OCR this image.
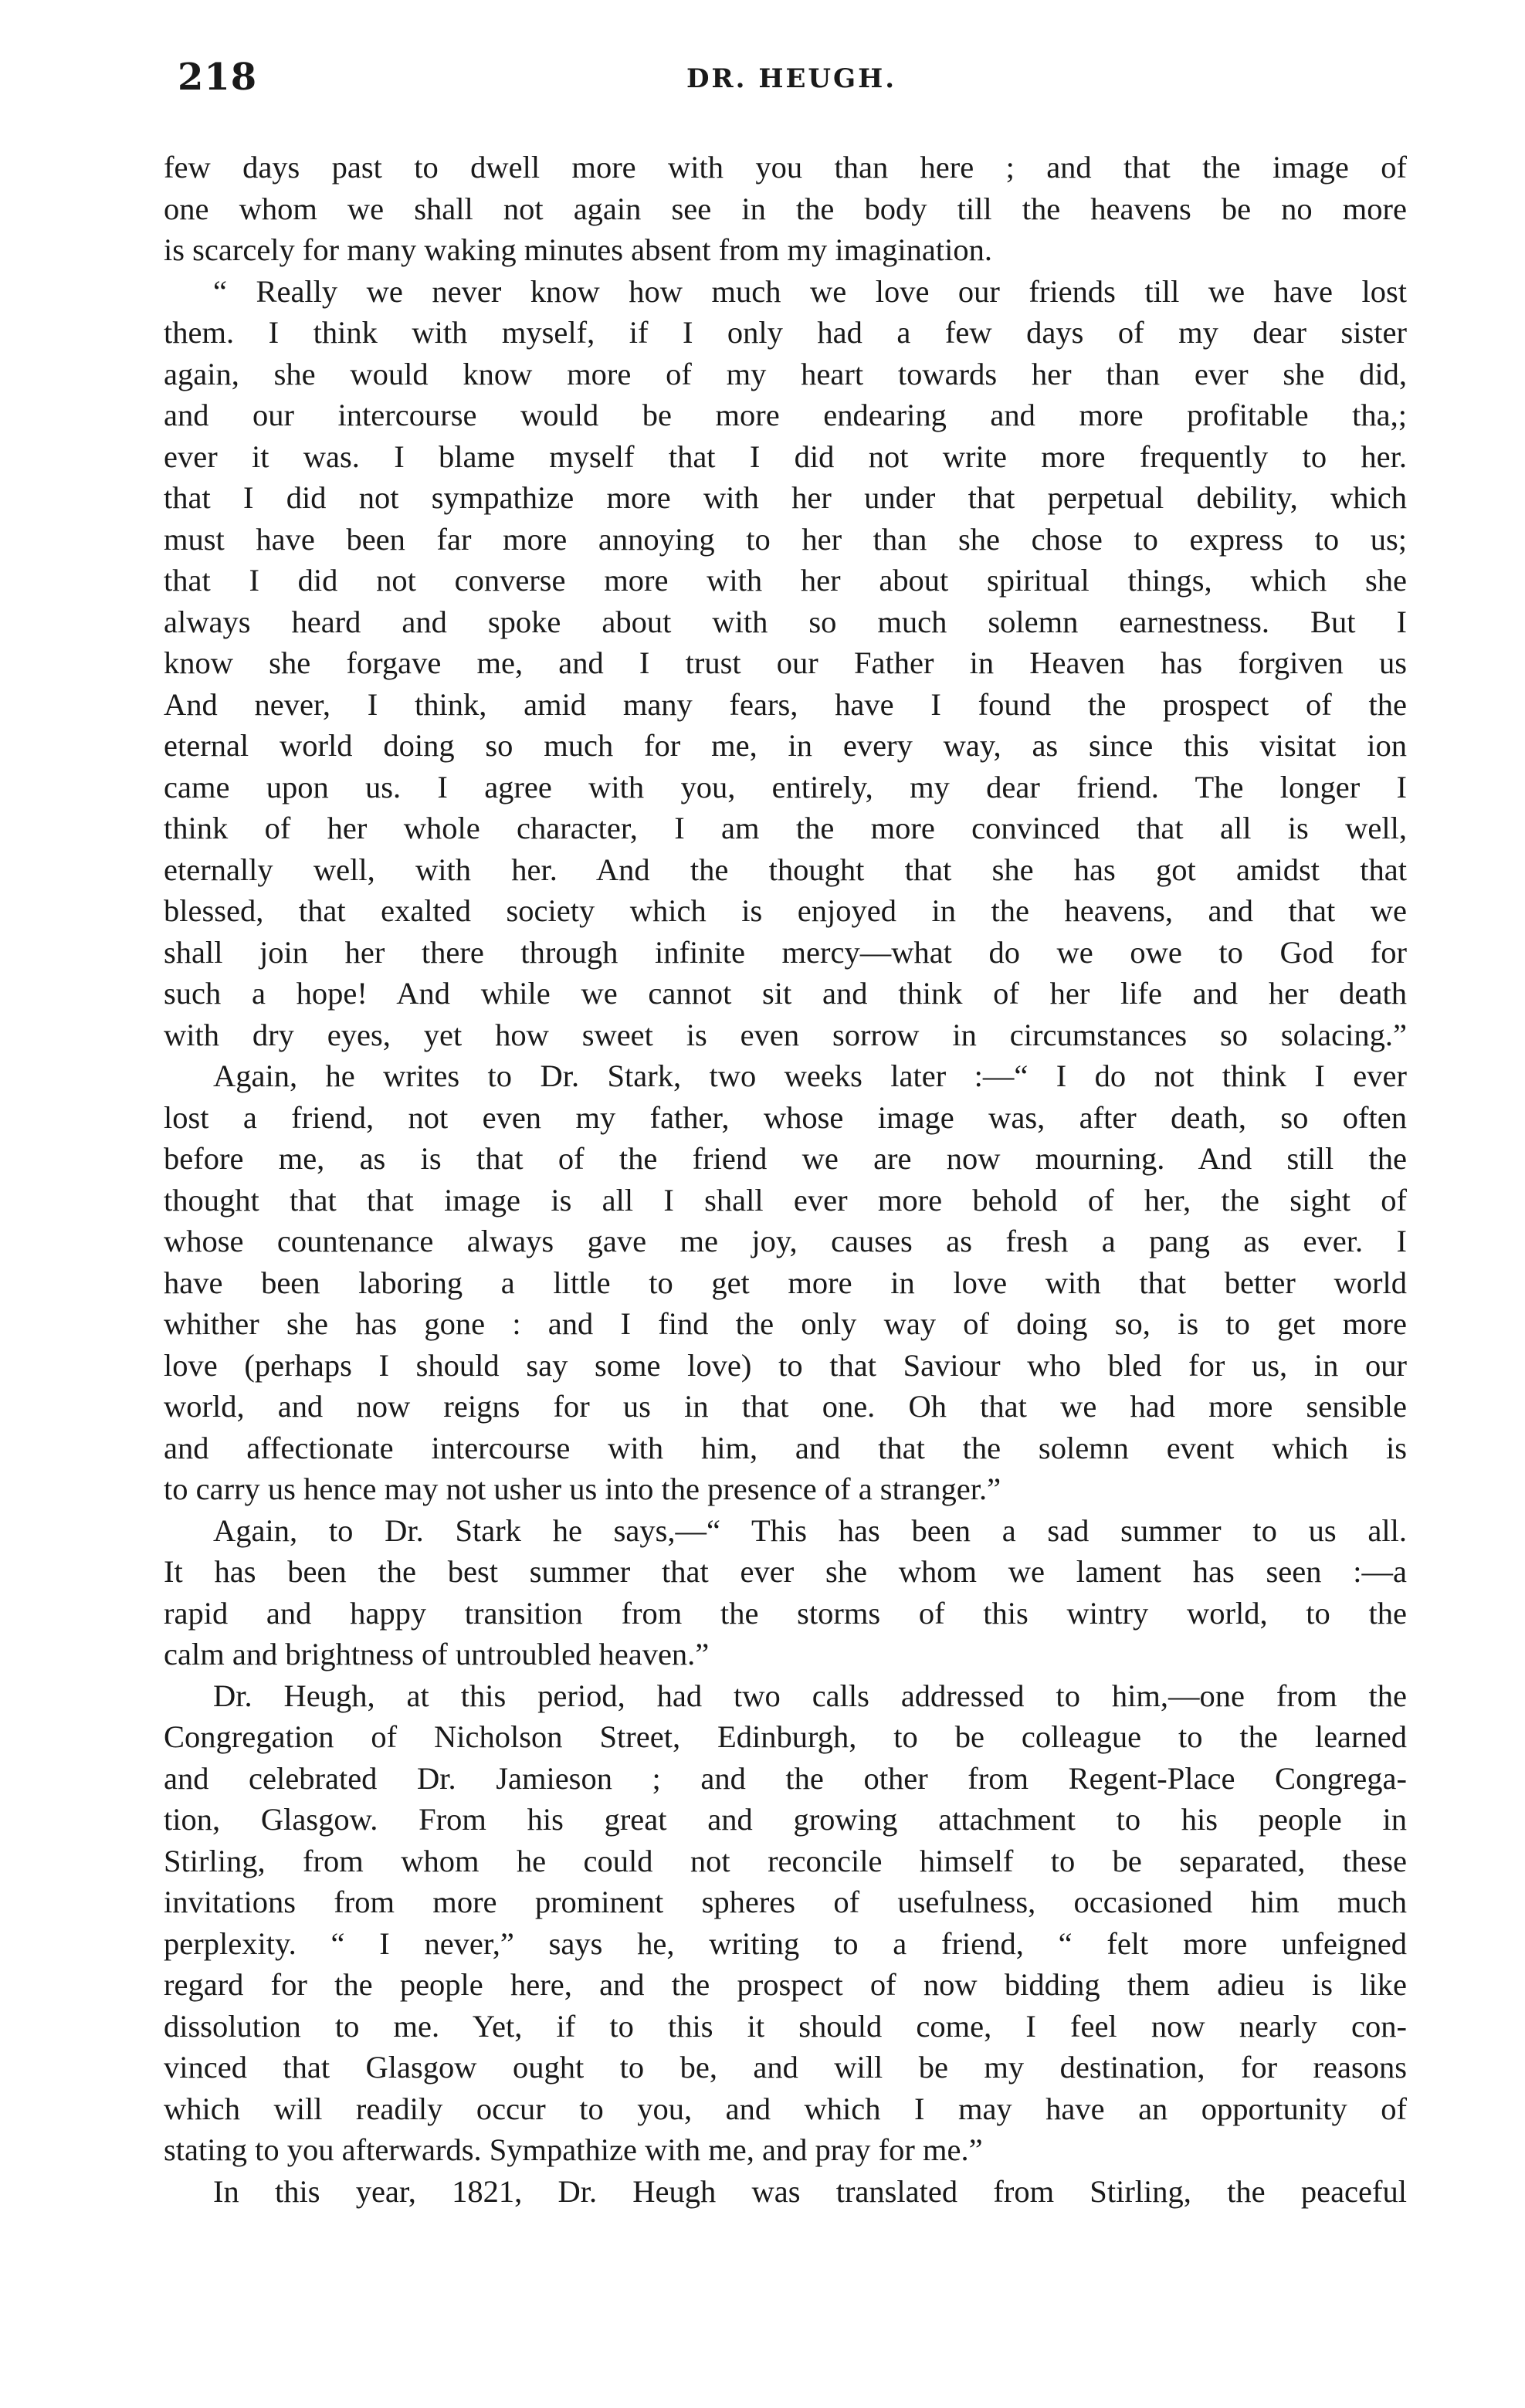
218	DR. HEUGH.
few days past to dwell more with you than here ; and that the image of
one whom we shall not again see in the body till the heavens be no more
is scarcely for many waking minutes absent from my imagination.
“ Really we never know how much we love our friends till we have lost
them. I think with myself, if I only had a few days of my dear sister
again, she would know more of my heart towards her than ever she did,
and our intercourse would be more endearing and more profitable tha,;
ever it was. I blame myself that I did not write more frequently to her.
that I did not sympathize more with her under that perpetual debility, which
must have been far more annoying to her than she chose to express to us;
that I did not converse more with her about spiritual things, which she
always heard and spoke about with so much solemn earnestness. But I
know she forgave me, and I trust our Father in Heaven has forgiven us
And never, I think, amid many fears, have I found the prospect of the
eternal world doing so much for me, in every way, as since this visitat ion
came upon us. I agree with you, entirely, my dear friend. The longer I
think of her whole character, I am the more convinced that all is well,
eternally well, with her. And the thought that she has got amidst that
blessed, that exalted society which is enjoyed in the heavens, and that we
shall join her there through infinite mercy—what do we owe to God for
such a hope! And while we cannot sit and think of her life and her death
with dry eyes, yet how sweet is even sorrow in circumstances so solacing.”
Again, he writes to Dr. Stark, two weeks later :—“ I do not think I ever
lost a friend, not even my father, whose image was, after death, so often
before me, as is that of the friend we are now mourning. And still the
thought that that image is all I shall ever more behold of her, the sight of
whose countenance always gave me joy, causes as fresh a pang as ever. I
have been laboring a little to get more in love with that better world
whither she has gone : and I find the only way of doing so, is to get more
love (perhaps I should say some love) to that Saviour who bled for us, in our
world, and now reigns for us in that one. Oh that we had more sensible
and affectionate intercourse with him, and that the solemn event which is
to carry us hence may not usher us into the presence of a stranger.”
Again, to Dr. Stark he says,—“ This has been a sad summer to us all.
It has been the best summer that ever she whom we lament has seen :—a
rapid and happy transition from the storms of this wintry world, to the
calm and brightness of untroubled heaven.”
Dr. Heugh, at this period, had two calls addressed to him,—one from the
Congregation of Nicholson Street, Edinburgh, to be colleague to the learned
and celebrated Dr. Jamieson ; and the other from Regent-Place Congrega-
tion, Glasgow. From his great and growing attachment to his people in
Stirling, from whom he could not reconcile himself to be separated, these
invitations from more prominent spheres of usefulness, occasioned him much
perplexity. “ I never,” says he, writing to a friend, “ felt more unfeigned
regard for the people here, and the prospect of now bidding them adieu is like
dissolution to me. Yet, if to this it should come, I feel now nearly con-
vinced that Glasgow ought to be, and will be my destination, for reasons
which will readily occur to you, and which I may have an opportunity of
stating to you afterwards. Sympathize with me, and pray for me.”
In this year, 1821, Dr. Heugh was translated from Stirling, the peaceful
